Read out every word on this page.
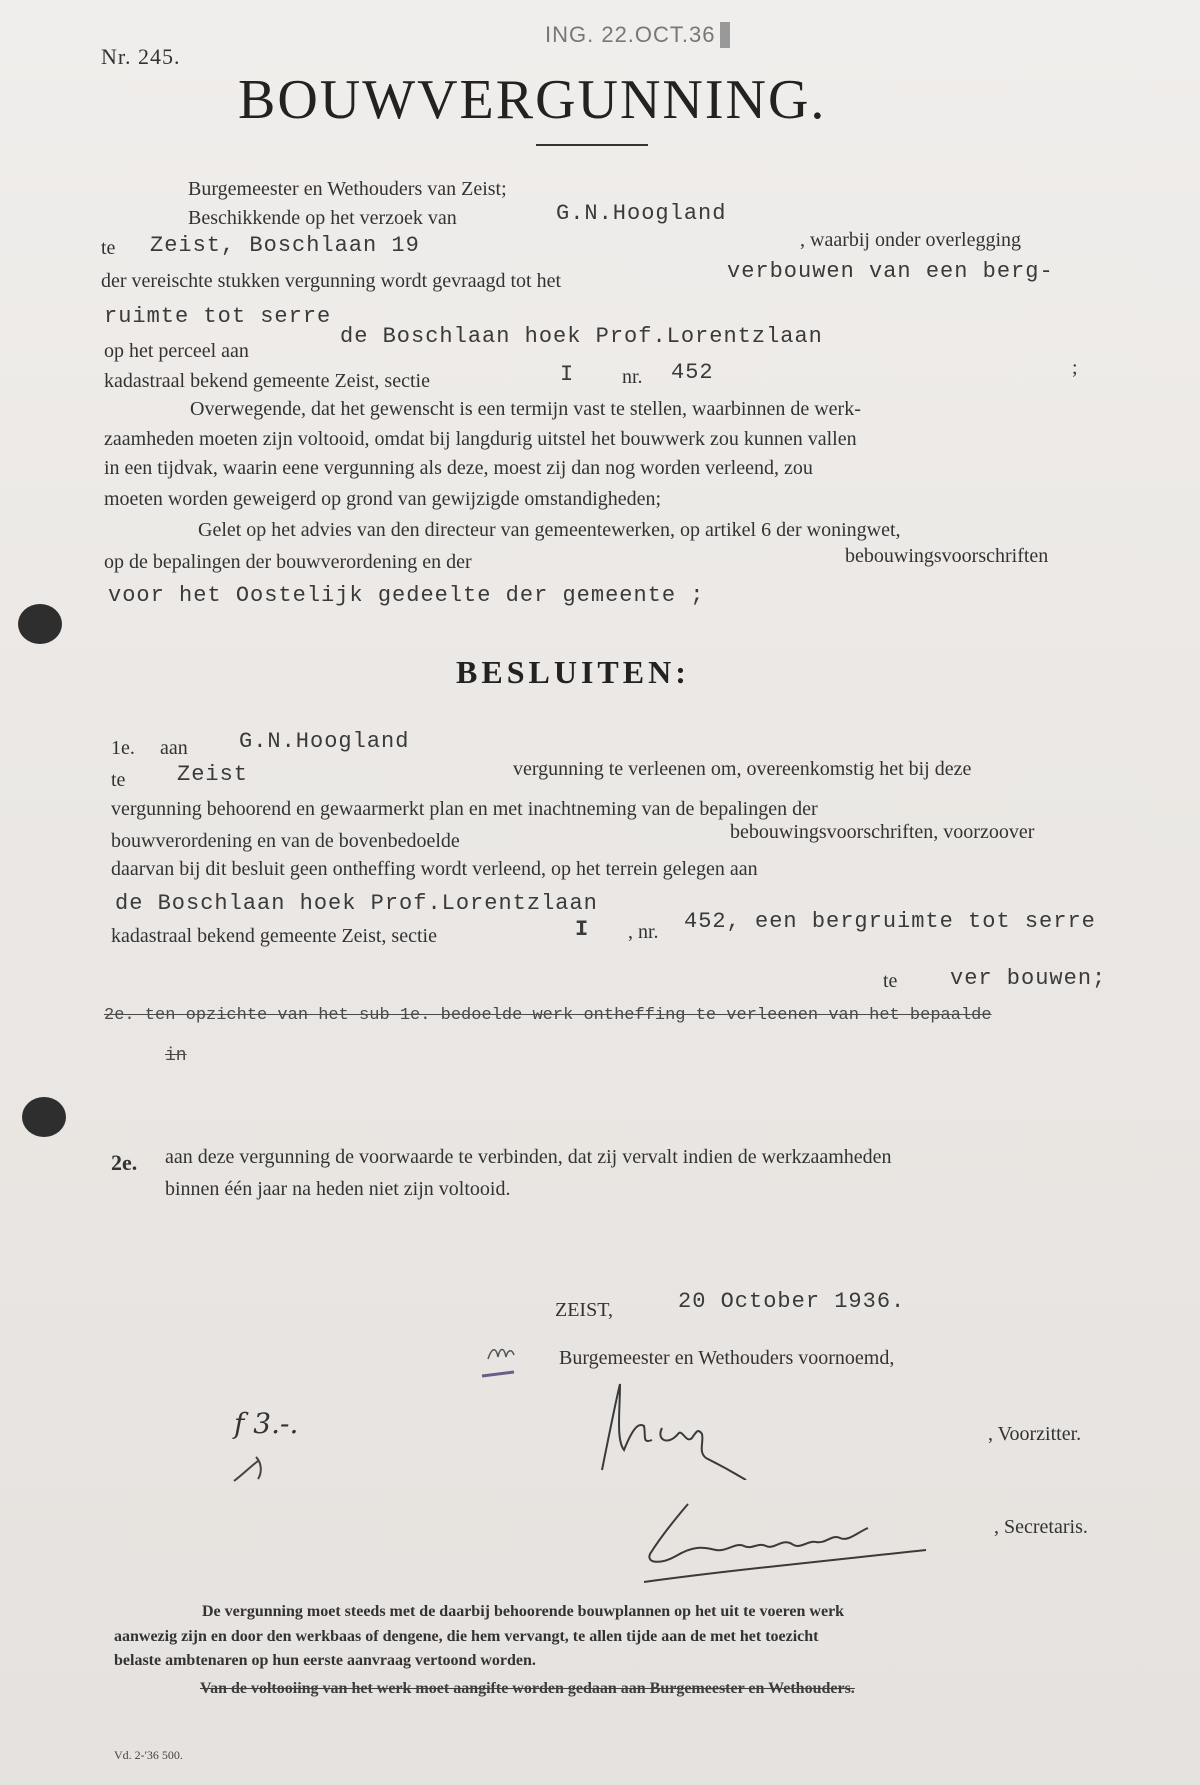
Nr. 245.
ING. 22.OCT.36
BOUWVERGUNNING.
Burgemeester en Wethouders van Zeist;
Beschikkende op het verzoek van	G.N.Hoogland
te Zeist, Boschlaan 19	, waarbij onder overlegging
der vereischte stukken vergunning wordt gevraagd tot het	verbouwen van een berg-
ruimte tot serre
op het perceel aan
de Boschlaan hoek Prof.Lorentzlaan
kadastraal bekend gemeente Zeist, sectie	I nr. 452	;
Overwegende, dat het gewenscht is een termijn vast te stellen, waarbinnen de werk-
zaamheden moeten zijn voltooid, omdat bij langdurig uitstel het bouwwerk zou kunnen vallen
in een tijdvak, waarin eene vergunning als deze, moest zij dan nog worden verleend, zou
moeten worden geweigerd op grond van gewijzigde omstandigheden;
Gelet op het advies van den directeur van gemeentewerken, op artikel 6 der woningwet,
op de bepalingen der bouwverordening en der	bebouwingsvoorschriften
voor het Oostelijk gedeelte der gemeente ;
BESLUITEN:
1e. aan G.N.Hoogland
te Zeist	vergunning te verleenen om, overeenkomstig het bij deze
vergunning behoorend en gewaarmerkt plan en met inachtneming van de bepalingen der
bouwverordening en van de bovenbedoelde	bebouwingsvoorschriften, voorzoover
daarvan bij dit besluit geen ontheffing wordt verleend, op het terrein gelegen aan
de Boschlaan hoek Prof.Lorentzlaan
kadastraal bekend gemeente Zeist, sectie	I , nr. 452, een bergruimte tot serre
te ver bouwen;
2e. ten opzichte van het sub 1e. bedoelde werk ontheffing te verleenen van het bepaalde
in
2e. aan deze vergunning de voorwaarde te verbinden, dat zij vervalt indien de werkzaamheden
binnen één jaar na heden niet zijn voltooid.
ZEIST,	20 October 1936.
Burgemeester en Wethouders voornoemd,
f 3.-.	, Voorzitter.
, Secretaris.
De vergunning moet steeds met de daarbij behoorende bouwplannen op het uit te voeren werk
aanwezig zijn en door den werkbaas of dengene, die hem vervangt, te allen tijde aan de met het toezicht
belaste ambtenaren op hun eerste aanvraag vertoond worden.
Van de voltooiing van het werk moet aangifte worden gedaan aan Burgemeester en Wethouders.
Vd. 2-'36 500.
